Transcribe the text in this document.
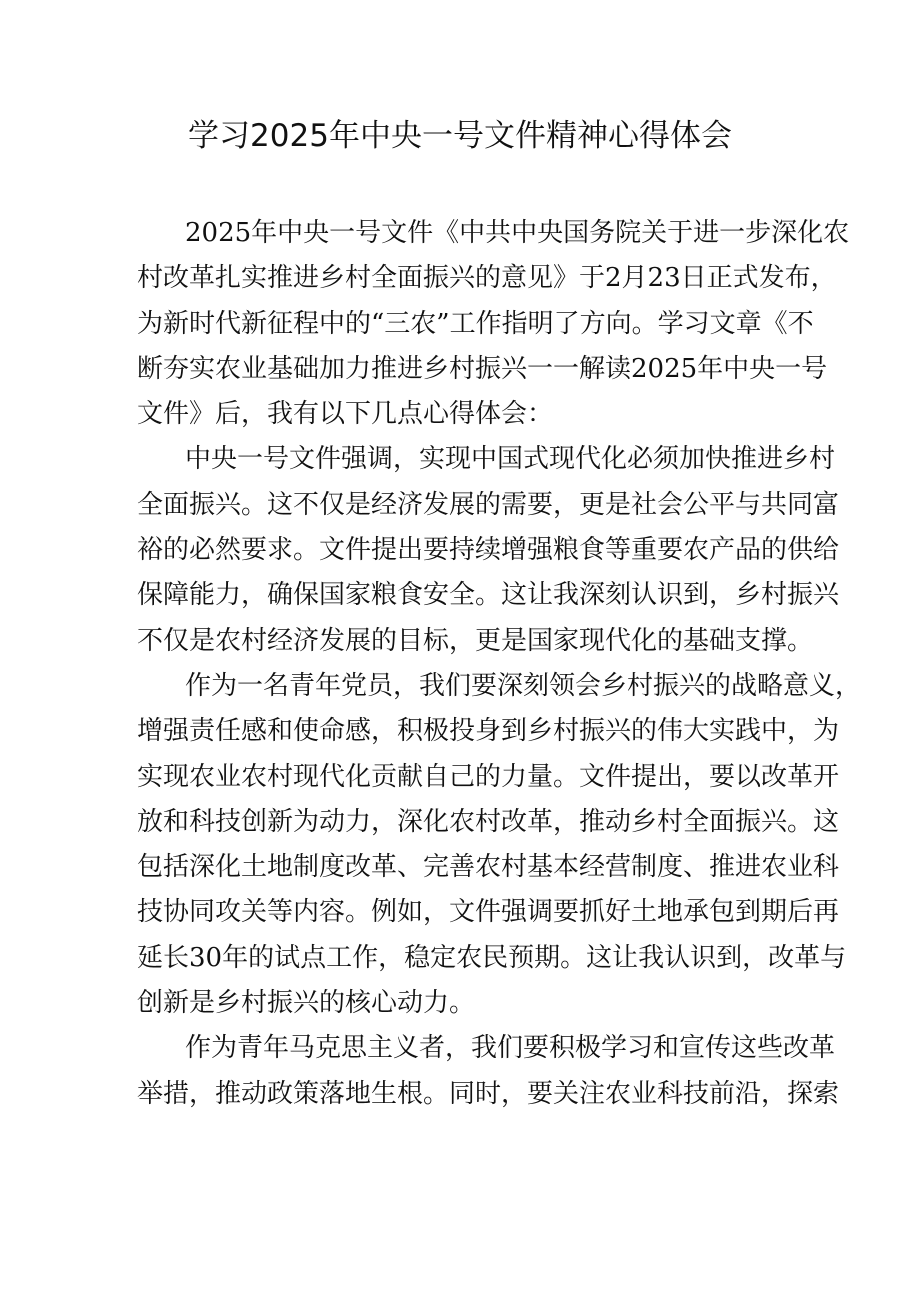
学习2025年中央一号文件精神心得体会
2025年中央一号文件《中共中央国务院关于进一步深化农
村改革扎实推进乡村全面振兴的意见》于2月23日正式发布，
为新时代新征程中的“三农”工作指明了方向。学习文章《不
断夯实农业基础加力推进乡村振兴一一解读2025年中央一号
文件》后，我有以下几点心得体会：
中央一号文件强调，实现中国式现代化必须加快推进乡村
全面振兴。这不仅是经济发展的需要，更是社会公平与共同富
裕的必然要求。文件提出要持续增强粮食等重要农产品的供给
保障能力，确保国家粮食安全。这让我深刻认识到，乡村振兴
不仅是农村经济发展的目标，更是国家现代化的基础支撑。
作为一名青年党员，我们要深刻领会乡村振兴的战略意义，
增强责任感和使命感，积极投身到乡村振兴的伟大实践中，为
实现农业农村现代化贡献自己的力量。文件提出，要以改革开
放和科技创新为动力，深化农村改革，推动乡村全面振兴。这
包括深化土地制度改革、完善农村基本经营制度、推进农业科
技协同攻关等内容。例如，文件强调要抓好土地承包到期后再
延长30年的试点工作，稳定农民预期。这让我认识到，改革与
创新是乡村振兴的核心动力。
作为青年马克思主义者，我们要积极学习和宣传这些改革
举措，推动政策落地生根。同时，要关注农业科技前沿，探索
